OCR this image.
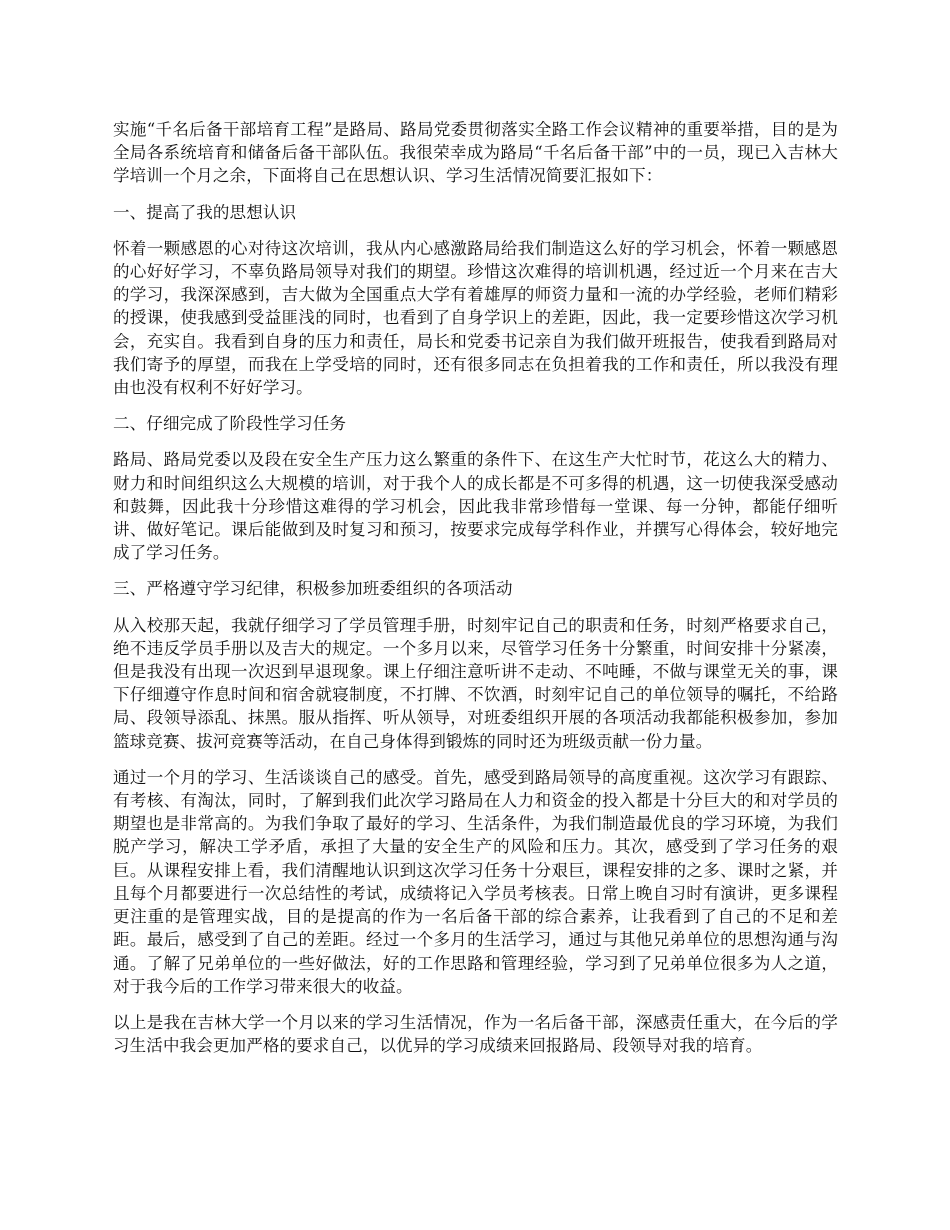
实施“千名后备干部培育工程”是路局、路局党委贯彻落实全路工作会议精神的重要举措，目的是为全局各系统培育和储备后备干部队伍。我很荣幸成为路局“千名后备干部”中的一员，现已入吉林大学培训一个月之余，下面将自己在思想认识、学习生活情况简要汇报如下：

一、提高了我的思想认识

怀着一颗感恩的心对待这次培训，我从内心感激路局给我们制造这么好的学习机会，怀着一颗感恩的心好好学习，不辜负路局领导对我们的期望。珍惜这次难得的培训机遇，经过近一个月来在吉大的学习，我深深感到，吉大做为全国重点大学有着雄厚的师资力量和一流的办学经验，老师们精彩的授课，使我感到受益匪浅的同时，也看到了自身学识上的差距，因此，我一定要珍惜这次学习机会，充实自。我看到自身的压力和责任，局长和党委书记亲自为我们做开班报告，使我看到路局对我们寄予的厚望，而我在上学受培的同时，还有很多同志在负担着我的工作和责任，所以我没有理由也没有权利不好好学习。

二、仔细完成了阶段性学习任务

路局、路局党委以及段在安全生产压力这么繁重的条件下、在这生产大忙时节，花这么大的精力、财力和时间组织这么大规模的培训，对于我个人的成长都是不可多得的机遇，这一切使我深受感动和鼓舞，因此我十分珍惜这难得的学习机会，因此我非常珍惜每一堂课、每一分钟，都能仔细听讲、做好笔记。课后能做到及时复习和预习，按要求完成每学科作业，并撰写心得体会，较好地完成了学习任务。

三、严格遵守学习纪律，积极参加班委组织的各项活动

从入校那天起，我就仔细学习了学员管理手册，时刻牢记自己的职责和任务，时刻严格要求自己，绝不违反学员手册以及吉大的规定。一个多月以来，尽管学习任务十分繁重，时间安排十分紧凑，但是我没有出现一次迟到早退现象。课上仔细注意听讲不走动、不吨睡，不做与课堂无关的事，课下仔细遵守作息时间和宿舍就寝制度，不打牌、不饮酒，时刻牢记自己的单位领导的嘱托，不给路局、段领导添乱、抹黑。服从指挥、听从领导，对班委组织开展的各项活动我都能积极参加，参加篮球竞赛、拔河竞赛等活动，在自己身体得到锻炼的同时还为班级贡献一份力量。

通过一个月的学习、生活谈谈自己的感受。首先，感受到路局领导的高度重视。这次学习有跟踪、有考核、有淘汰，同时，了解到我们此次学习路局在人力和资金的投入都是十分巨大的和对学员的期望也是非常高的。为我们争取了最好的学习、生活条件，为我们制造最优良的学习环境，为我们脱产学习，解决工学矛盾，承担了大量的安全生产的风险和压力。其次，感受到了学习任务的艰巨。从课程安排上看，我们清醒地认识到这次学习任务十分艰巨，课程安排的之多、课时之紧，并且每个月都要进行一次总结性的考试，成绩将记入学员考核表。日常上晚自习时有演讲，更多课程更注重的是管理实战，目的是提高的作为一名后备干部的综合素养，让我看到了自己的不足和差距。最后，感受到了自己的差距。经过一个多月的生活学习，通过与其他兄弟单位的思想沟通与沟通。了解了兄弟单位的一些好做法，好的工作思路和管理经验，学习到了兄弟单位很多为人之道，对于我今后的工作学习带来很大的收益。

以上是我在吉林大学一个月以来的学习生活情况，作为一名后备干部，深感责任重大，在今后的学习生活中我会更加严格的要求自己，以优异的学习成绩来回报路局、段领导对我的培育。
